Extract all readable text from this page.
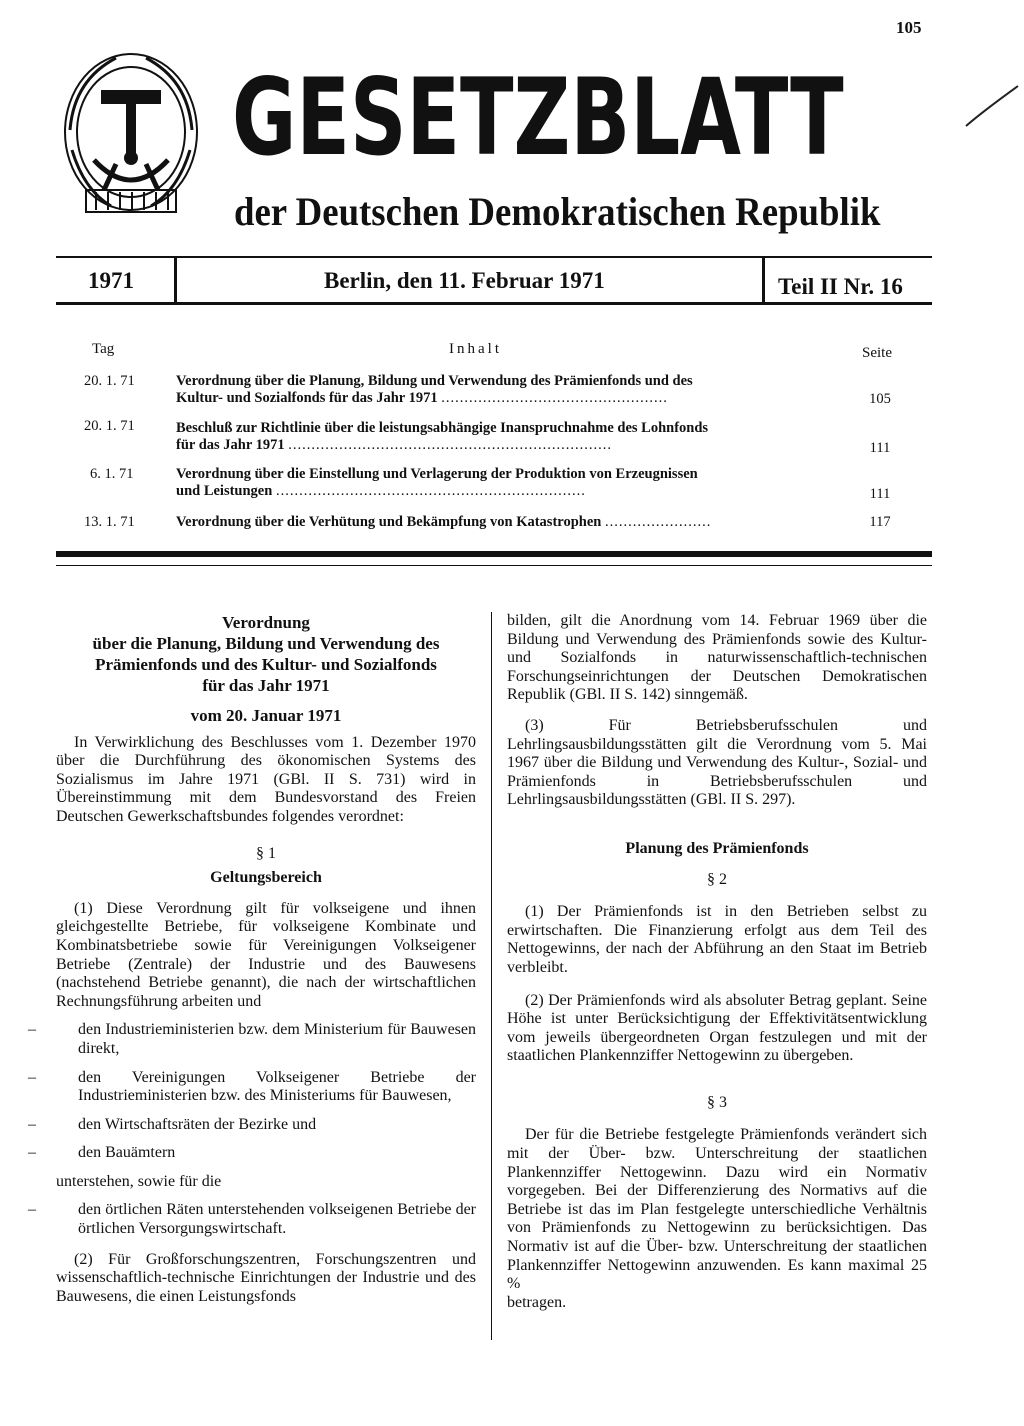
105
GESETZBLATT
der Deutschen Demokratischen Republik
1971	Berlin, den 11. Februar 1971	Teil II Nr. 16
Tag	Inhalt	Seite
20. 1. 71	Verordnung über die Planung, Bildung und Verwendung des Prämienfonds und des
Kultur- und Sozialfonds für das Jahr 1971 .................................................	105
20. 1. 71	Beschluß zur Richtlinie über die leistungsabhängige Inanspruchnahme des Lohnfonds
für das Jahr 1971 ......................................................................	111
6. 1. 71	Verordnung über die Einstellung und Verlagerung der Produktion von Erzeugnissen
und Leistungen ...................................................................	111
13. 1. 71	Verordnung über die Verhütung und Bekämpfung von Katastrophen .......................	117

Verordnung

über die Planung, Bildung und Verwendung des

Prämienfonds und des Kultur- und Sozialfonds

für das Jahr 1971

vom 20. Januar 1971

In Verwirklichung des Beschlusses vom 1. Dezember 1970 über die Durchführung des ökonomischen Systems des Sozialismus im Jahre 1971 (GBl. II S. 731) wird in Übereinstimmung mit dem Bundesvorstand des Freien Deutschen Gewerkschaftsbundes folgendes verordnet:

§ 1

Geltungsbereich

(1) Diese Verordnung gilt für volkseigene und ihnen gleichgestellte Betriebe, für volkseigene Kombinate und Kombinatsbetriebe sowie für Vereinigungen Volkseigener Betriebe (Zentrale) der Industrie und des Bauwesens (nachstehend Betriebe genannt), die nach der wirtschaftlichen Rechnungsführung arbeiten und

– den Industrieministerien bzw. dem Ministerium für Bauwesen direkt,

– den Vereinigungen Volkseigener Betriebe der Industrieministerien bzw. des Ministeriums für Bauwesen,

– den Wirtschaftsräten der Bezirke und

– den Bauämtern

unterstehen, sowie für die

– den örtlichen Räten unterstehenden volkseigenen Betriebe der örtlichen Versorgungswirtschaft.

(2) Für Großforschungszentren, Forschungszentren und wissenschaftlich-technische Einrichtungen der Industrie und des Bauwesens, die einen Leistungsfonds

bilden, gilt die Anordnung vom 14. Februar 1969 über die Bildung und Verwendung des Prämienfonds sowie des Kultur- und Sozialfonds in naturwissenschaftlich-technischen Forschungseinrichtungen der Deutschen Demokratischen Republik (GBl. II S. 142) sinngemäß.

(3) Für Betriebsberufsschulen und Lehrlingsausbildungsstätten gilt die Verordnung vom 5. Mai 1967 über die Bildung und Verwendung des Kultur-, Sozial- und Prämienfonds in Betriebsberufsschulen und Lehrlingsausbildungsstätten (GBl. II S. 297).

Planung des Prämienfonds

§ 2

(1) Der Prämienfonds ist in den Betrieben selbst zu erwirtschaften. Die Finanzierung erfolgt aus dem Teil des Nettogewinns, der nach der Abführung an den Staat im Betrieb verbleibt.

(2) Der Prämienfonds wird als absoluter Betrag geplant. Seine Höhe ist unter Berücksichtigung der Effektivitätsentwicklung vom jeweils übergeordneten Organ festzulegen und mit der staatlichen Plankennziffer Nettogewinn zu übergeben.

§ 3

Der für die Betriebe festgelegte Prämienfonds verändert sich mit der Über- bzw. Unterschreitung der staatlichen Plankennziffer Nettogewinn. Dazu wird ein Normativ vorgegeben. Bei der Differenzierung des Normativs auf die Betriebe ist das im Plan festgelegte unterschiedliche Verhältnis von Prämienfonds zu Nettogewinn zu berücksichtigen. Das Normativ ist auf die Über- bzw. Unterschreitung der staatlichen Plankennziffer Nettogewinn anzuwenden. Es kann maximal 25 %

betragen.
